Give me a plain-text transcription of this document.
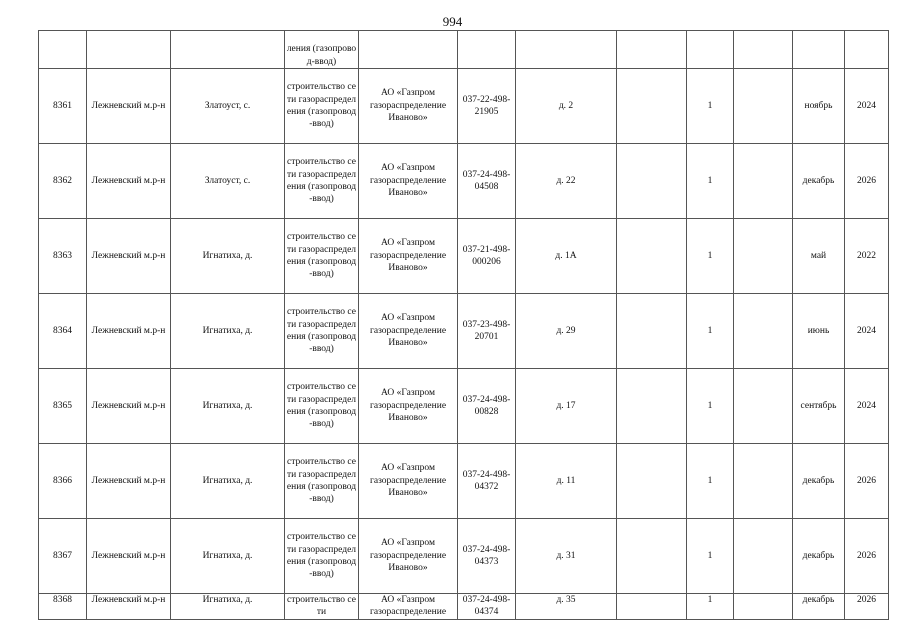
994
			ления (газопровод-ввод)								
8361	Лежневский м.р-н	Златоуст, с.	строительство сети газораспределения (газопровод-ввод)	АО «Газпром газораспределение Иваново»	037-22-498-21905	д. 2		1		ноябрь	2024
8362	Лежневский м.р-н	Златоуст, с.	строительство сети газораспределения (газопровод-ввод)	АО «Газпром газораспределение Иваново»	037-24-498-04508	д. 22		1		декабрь	2026
8363	Лежневский м.р-н	Игнатиха, д.	строительство сети газораспределения (газопровод-ввод)	АО «Газпром газораспределение Иваново»	037-21-498-000206	д. 1А		1		май	2022
8364	Лежневский м.р-н	Игнатиха, д.	строительство сети газораспределения (газопровод-ввод)	АО «Газпром газораспределение Иваново»	037-23-498-20701	д. 29		1		июнь	2024
8365	Лежневский м.р-н	Игнатиха, д.	строительство сети газораспределения (газопровод-ввод)	АО «Газпром газораспределение Иваново»	037-24-498-00828	д. 17		1		сентябрь	2024
8366	Лежневский м.р-н	Игнатиха, д.	строительство сети газораспределения (газопровод-ввод)	АО «Газпром газораспределение Иваново»	037-24-498-04372	д. 11		1		декабрь	2026
8367	Лежневский м.р-н	Игнатиха, д.	строительство сети газораспределения (газопровод-ввод)	АО «Газпром газораспределение Иваново»	037-24-498-04373	д. 31		1		декабрь	2026
8368	Лежневский м.р-н	Игнатиха, д.	строительство сети	АО «Газпром газораспределение	037-24-498-04374	д. 35		1		декабрь	2026
